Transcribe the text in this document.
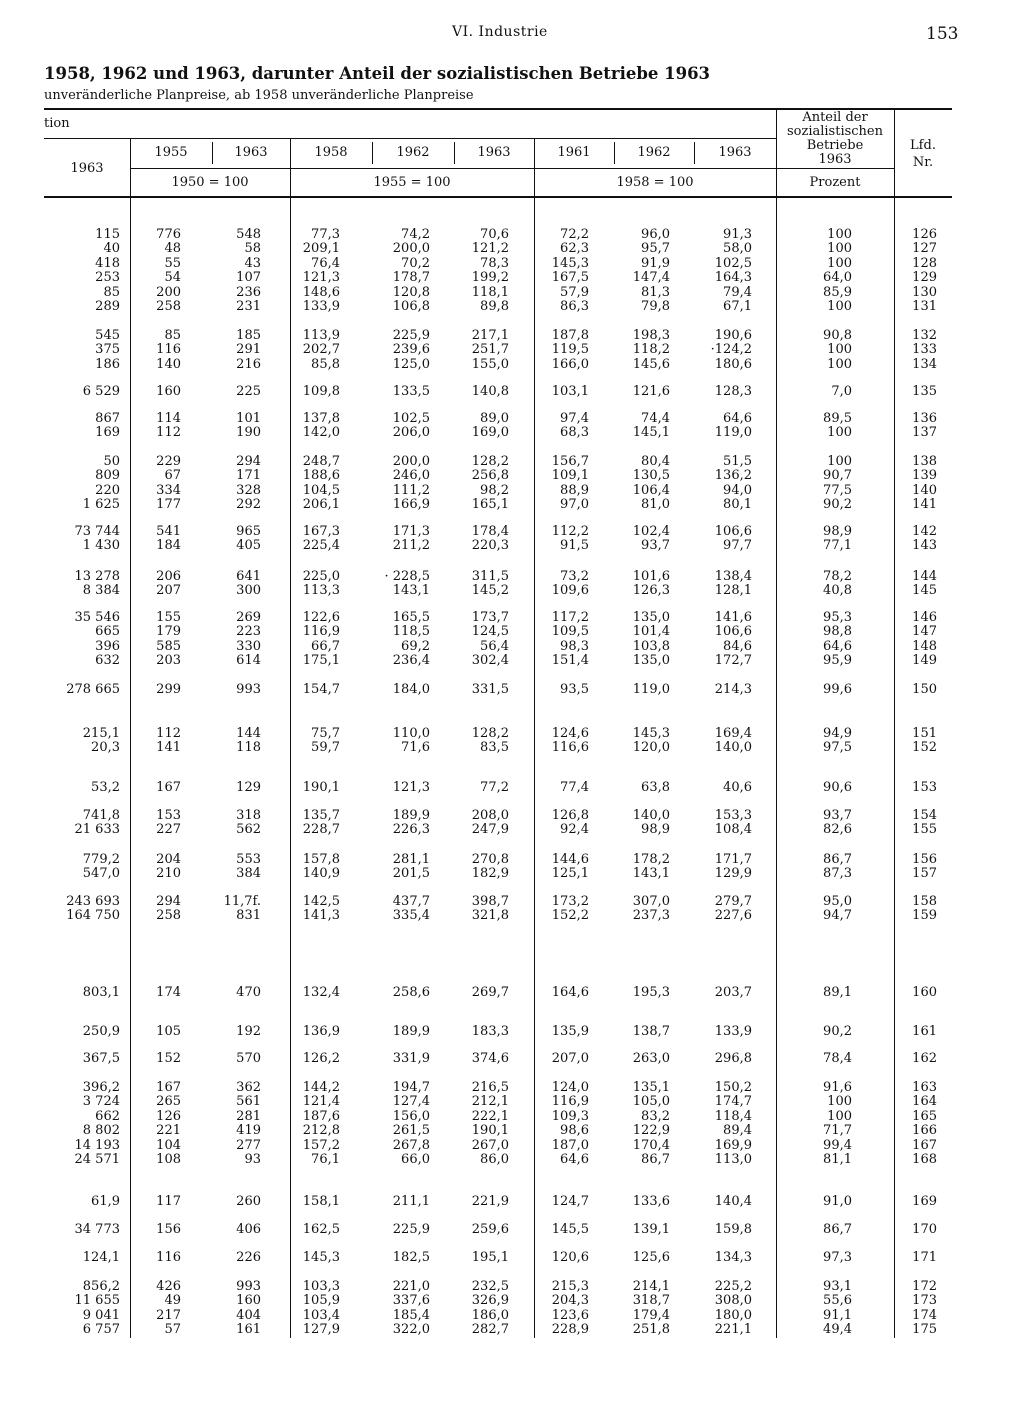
VI. Industrie	153
1958, 1962 und 1963, darunter Anteil der sozialistischen Betriebe 1963
unveränderliche Planpreise, ab 1958 unveränderliche Planpreise
tion
1963
1955	1963
1950 = 100
1958	1962	1963
1955 = 100
1961	1962	1963
1958 = 100
Anteil der
sozialistischen
Betriebe
1963
Prozent
Lfd.
Nr.
115	776	548	77,3	74,2	70,6	72,2	96,0	91,3	100	126
40	48	58	209,1	200,0	121,2	62,3	95,7	58,0	100	127
418	55	43	76,4	70,2	78,3	145,3	91,9	102,5	100	128
253	54	107	121,3	178,7	199,2	167,5	147,4	164,3	64,0	129
85	200	236	148,6	120,8	118,1	57,9	81,3	79,4	85,9	130
289	258	231	133,9	106,8	89,8	86,3	79,8	67,1	100	131
545	85	185	113,9	225,9	217,1	187,8	198,3	190,6	90,8	132
375	116	291	202,7	239,6	251,7	119,5	118,2	·124,2	100	133
186	140	216	85,8	125,0	155,0	166,0	145,6	180,6	100	134
6 529	160	225	109,8	133,5	140,8	103,1	121,6	128,3	7,0	135
867	114	101	137,8	102,5	89,0	97,4	74,4	64,6	89,5	136
169	112	190	142,0	206,0	169,0	68,3	145,1	119,0	100	137
50	229	294	248,7	200,0	128,2	156,7	80,4	51,5	100	138
809	67	171	188,6	246,0	256,8	109,1	130,5	136,2	90,7	139
220	334	328	104,5	111,2	98,2	88,9	106,4	94,0	77,5	140
1 625	177	292	206,1	166,9	165,1	97,0	81,0	80,1	90,2	141
73 744	541	965	167,3	171,3	178,4	112,2	102,4	106,6	98,9	142
1 430	184	405	225,4	211,2	220,3	91,5	93,7	97,7	77,1	143
13 278	206	641	225,0	· 228,5	311,5	73,2	101,6	138,4	78,2	144
8 384	207	300	113,3	143,1	145,2	109,6	126,3	128,1	40,8	145
35 546	155	269	122,6	165,5	173,7	117,2	135,0	141,6	95,3	146
665	179	223	116,9	118,5	124,5	109,5	101,4	106,6	98,8	147
396	585	330	66,7	69,2	56,4	98,3	103,8	84,6	64,6	148
632	203	614	175,1	236,4	302,4	151,4	135,0	172,7	95,9	149
278 665	299	993	154,7	184,0	331,5	93,5	119,0	214,3	99,6	150
215,1	112	144	75,7	110,0	128,2	124,6	145,3	169,4	94,9	151
20,3	141	118	59,7	71,6	83,5	116,6	120,0	140,0	97,5	152
53,2	167	129	190,1	121,3	77,2	77,4	63,8	40,6	90,6	153
741,8	153	318	135,7	189,9	208,0	126,8	140,0	153,3	93,7	154
21 633	227	562	228,7	226,3	247,9	92,4	98,9	108,4	82,6	155
779,2	204	553	157,8	281,1	270,8	144,6	178,2	171,7	86,7	156
547,0	210	384	140,9	201,5	182,9	125,1	143,1	129,9	87,3	157
243 693	294	11,7f.	142,5	437,7	398,7	173,2	307,0	279,7	95,0	158
164 750	258	831	141,3	335,4	321,8	152,2	237,3	227,6	94,7	159
803,1	174	470	132,4	258,6	269,7	164,6	195,3	203,7	89,1	160
250,9	105	192	136,9	189,9	183,3	135,9	138,7	133,9	90,2	161
367,5	152	570	126,2	331,9	374,6	207,0	263,0	296,8	78,4	162
396,2	167	362	144,2	194,7	216,5	124,0	135,1	150,2	91,6	163
3 724	265	561	121,4	127,4	212,1	116,9	105,0	174,7	100	164
662	126	281	187,6	156,0	222,1	109,3	83,2	118,4	100	165
8 802	221	419	212,8	261,5	190,1	98,6	122,9	89,4	71,7	166
14 193	104	277	157,2	267,8	267,0	187,0	170,4	169,9	99,4	167
24 571	108	93	76,1	66,0	86,0	64,6	86,7	113,0	81,1	168
61,9	117	260	158,1	211,1	221,9	124,7	133,6	140,4	91,0	169
34 773	156	406	162,5	225,9	259,6	145,5	139,1	159,8	86,7	170
124,1	116	226	145,3	182,5	195,1	120,6	125,6	134,3	97,3	171
856,2	426	993	103,3	221,0	232,5	215,3	214,1	225,2	93,1	172
11 655	49	160	105,9	337,6	326,9	204,3	318,7	308,0	55,6	173
9 041	217	404	103,4	185,4	186,0	123,6	179,4	180,0	91,1	174
6 757	57	161	127,9	322,0	282,7	228,9	251,8	221,1	49,4	175
